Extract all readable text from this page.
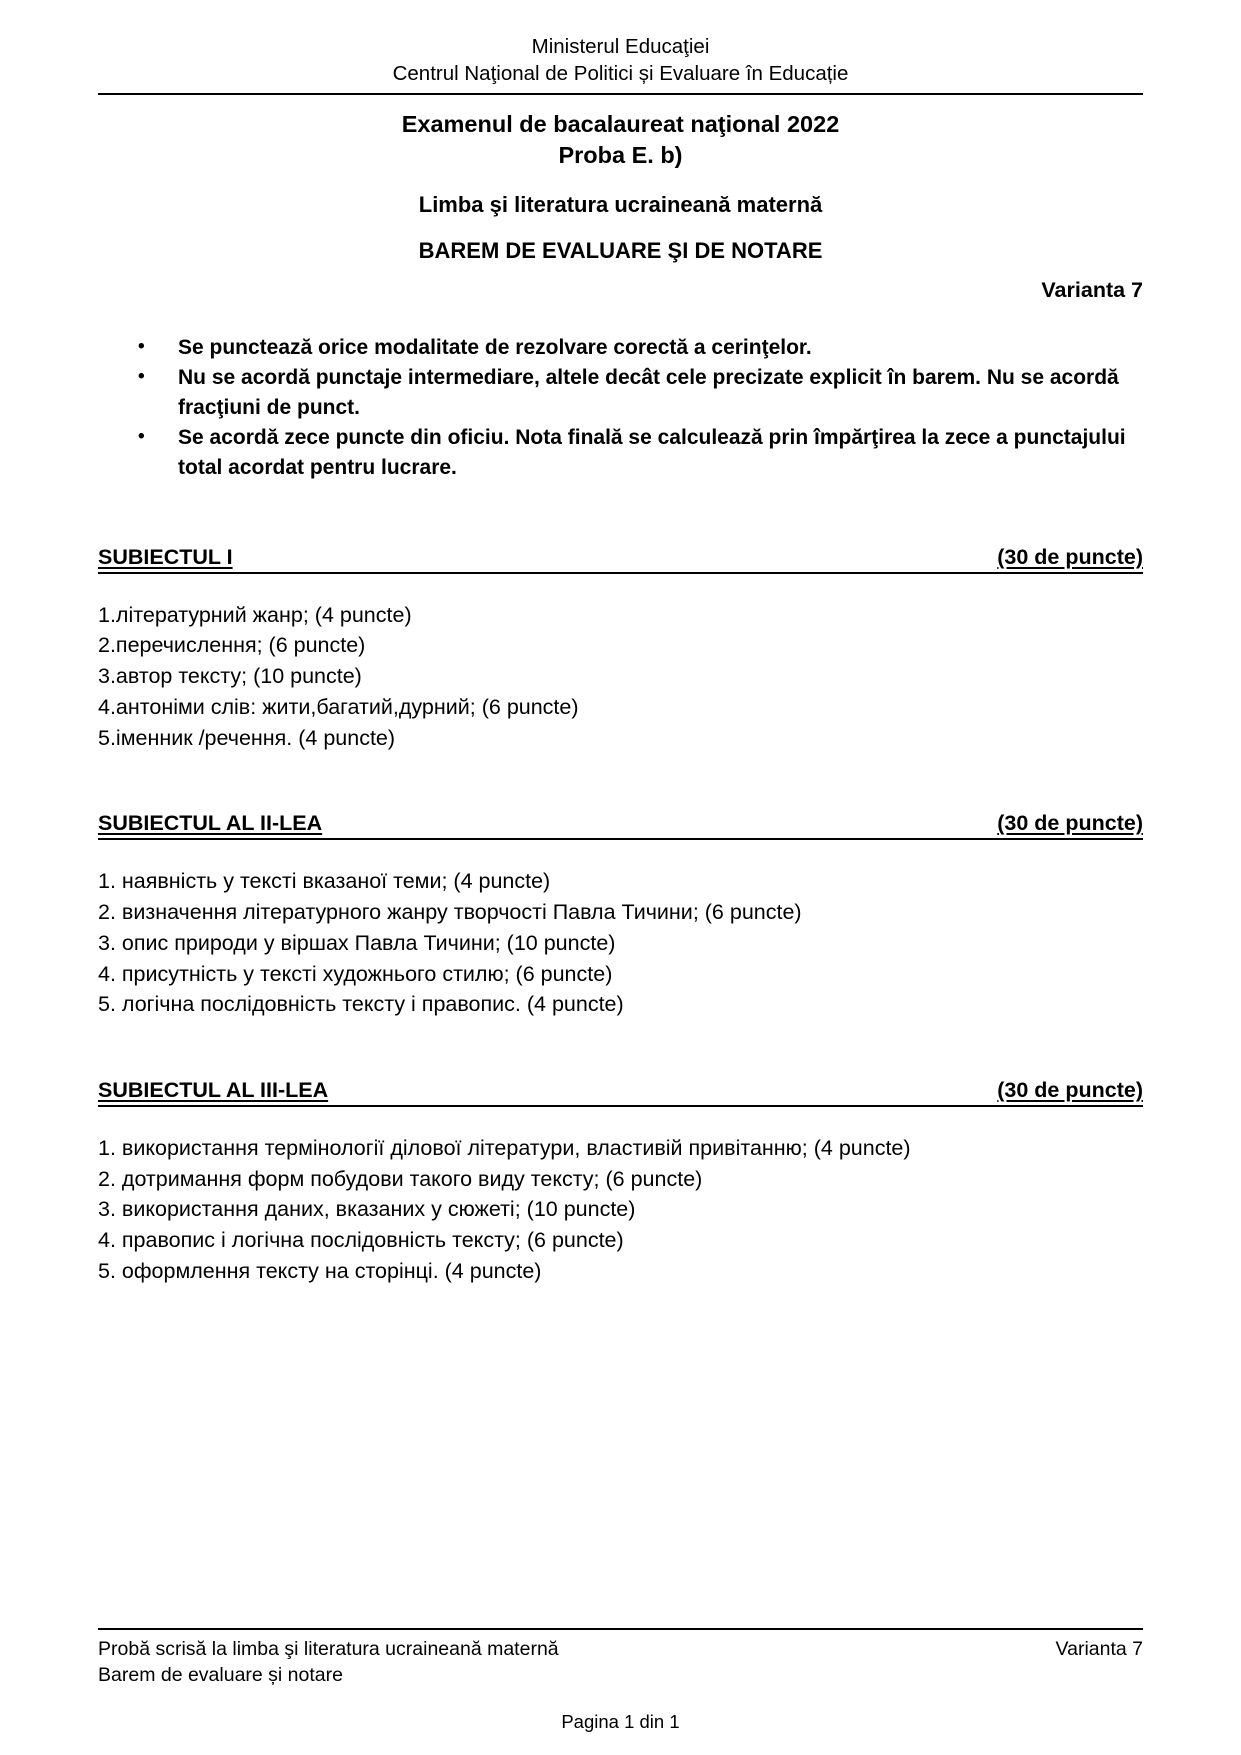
Ministerul Educaţiei
Centrul Naţional de Politici și Evaluare în Educație
Examenul de bacalaureat naţional 2022
Proba E. b)
Limba şi literatura ucraineană maternă
BAREM DE EVALUARE ŞI DE NOTARE
Varianta 7
• Se punctează orice modalitate de rezolvare corectă a cerinţelor.
• Nu se acordă punctaje intermediare, altele decât cele precizate explicit în barem. Nu se acordă fracţiuni de punct.
• Se acordă zece puncte din oficiu. Nota finală se calculează prin împărţirea la zece a punctajului total acordat pentru lucrare.
SUBIECTUL I	(30 de puncte)
1.літературний жанр; (4 puncte)
2.перечислення; (6 puncte)
3.автор тексту; (10 puncte)
4.антоніми слів: жити,багатий,дурний; (6 puncte)
5.іменник /речення. (4 puncte)
SUBIECTUL AL II-LEA	(30 de puncte)
1. наявність у тексті вказаної теми; (4 puncte)
2. визначення літературного жанру творчості Павла Тичини; (6 puncte)
3. опис природи у віршах Павла Тичини; (10 puncte)
4. присутність у тексті художнього стилю; (6 puncte)
5. логічна послідовність тексту і правопис. (4 puncte)
SUBIECTUL AL III-LEA	(30 de puncte)
1. використання термінології ділової літератури, властивій привітанню; (4 puncte)
2. дотримання форм побудови такого виду тексту; (6 puncte)
3. використання даних, вказаних у сюжеті; (10 puncte)
4. правопис і логічна послідовність тексту; (6 puncte)
5. оформлення тексту на сторінці. (4 puncte)
Probă scrisă la limba şi literatura ucraineană maternă
Barem de evaluare și notare
Varianta 7
Pagina 1 din 1
